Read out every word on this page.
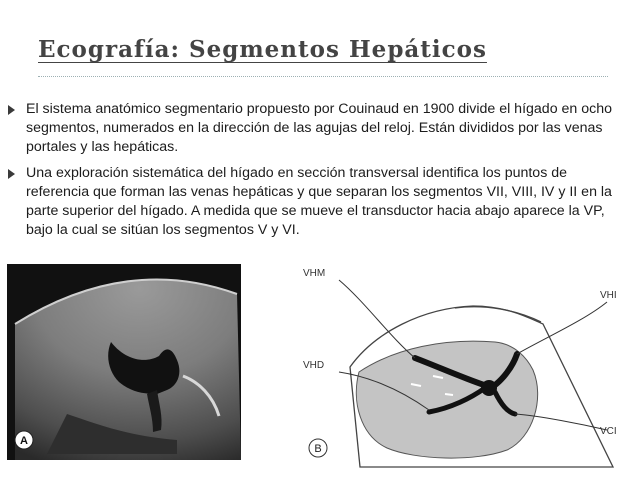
Ecografía: Segmentos Hepáticos
El sistema anatómico segmentario propuesto por Couinaud en 1900 divide el hígado en ocho segmentos, numerados en la dirección de las agujas del reloj. Están divididos por las venas portales y las hepáticas.
Una exploración sistemática del hígado en sección transversal identifica los puntos de referencia que forman las venas hepáticas y que separan los segmentos VII, VIII, IV y II en la parte superior del hígado. A medida que se mueve el transductor hacia abajo aparece la VP, bajo la cual se sitúan los segmentos V y VI.
A
VHM
VHI
VHD
VCI
B
